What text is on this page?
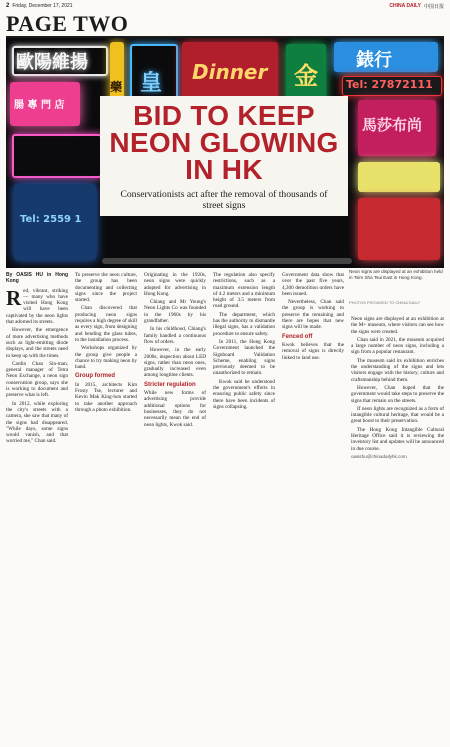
2 Friday, December 17, 2021	CHINA DAILY 中国日报
PAGE TWO
歐陽維揚
腸 專 門 店
藥 皇 Dinner 金
錶行
Tel: 27872111
馬莎布尚
Tel: 2559 1
BID TO KEEP NEON GLOWING IN HK
Conservationists act after the removal of thousands of street signs
Neon signs are displayed at an exhibition held in Tsim Sha Tsui East in Hong Kong.
PHOTOS PROVIDED TO CHINA DAILY
By OASIS HU in Hong Kong

Red, vibrant, striking — many who have visited Hong Kong will have been captivated by the neon lights that adorned its streets.

However, the emergence of more advertising methods such as light-emitting diode displays, and the streets need to keep up with the times.

Cardin Chan Sin-man, general manager of Tetra Neon Exchange, a neon sign conservation group, says she is working to document and preserve what is left.

In 2012, while exploring the city's streets with a camera, she saw that many of the signs had disappeared. "While days, some signs would vanish, and that worried me," Chan said.

To preserve the neon culture, the group has been documenting and collecting signs since the project started.

Chan discovered that producing neon signs requires a high degree of skill as every sign, from designing and bending the glass tubes, to the installation process.

Workshops organized by the group give people a chance to try making neon by hand.

Group formed

In 2015, architects Kim Frosty Tse, lecturer and Kevin Mak King-hon started to take another approach through a photo exhibition.

Originating in the 1920s, neon signs were quickly adopted for advertising in Hong Kong.

Chiang and Mr Yeung's Neon Lights Co was founded in the 1960s by his grandfather.

In his childhood, Chiang's family handled a continuous flow of orders.

However, in the early 2000s, inspection about LED signs, rather than neon ones, gradually increased even among longtime clients.

Stricter regulation

While new forms of advertising provide additional options for businesses, they do not necessarily mean the end of neon lights, Kwok said.

The regulation also specify restrictions, such as a maximum extension length of 4.2 meters and a minimum height of 3.5 meters from road ground.

The department, which has the authority to dismantle illegal signs, has a validation procedure to ensure safety.

In 2011, the Hong Kong Government launched the Signboard Validation Scheme, enabling signs previously deemed to be unauthorized to remain.

Kwok said he understood the government's efforts in ensuring public safety since there have been incidents of signs collapsing.

Government data show that over the past five years, 4,300 demolition orders have been issued.

Nevertheless, Chan said the group is working to preserve the remaining and there are hopes that new signs will be made.

Fenced off

Kwok believes that the removal of signs is directly linked to land use.

Neon signs are displayed at an exhibition at the M+ museum, where visitors can see how the signs were created.

Chan said in 2021, the museum acquired a large number of neon signs, including a sign from a popular restaurant.

The museum said its exhibition enriches the understanding of the signs and lets visitors engage with the history, culture and craftsmanship behind them.

However, Chan hoped that the government would take steps to preserve the signs that remain on the streets.

If neon lights are recognized as a form of intangible cultural heritage, that would be a great boost to their preservation.

The Hong Kong Intangible Cultural Heritage Office said it is reviewing the inventory list and updates will be announced in due course.

oasishu@chinadailyhk.com
